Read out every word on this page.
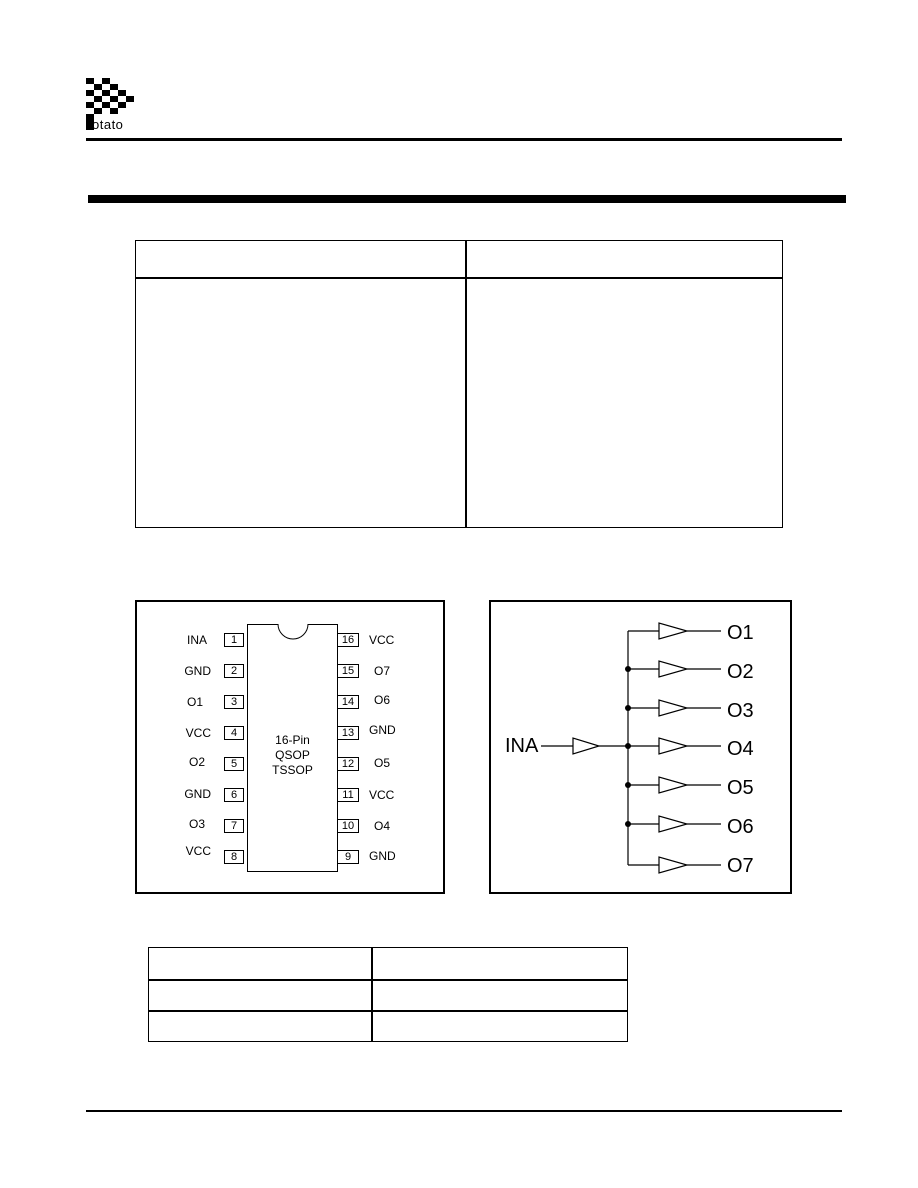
otato
16-Pin
QSOP
TSSOP
INA	1
GND	2
O1	3
VCC	4
O2	5
GND	6
O3	7
VCC	8
16	VCC
15	O7
14	O6
13	GND
12	O5
11	VCC
10	O4
9	GND
INA
O1
O2
O3
O4
O5
O6
O7
